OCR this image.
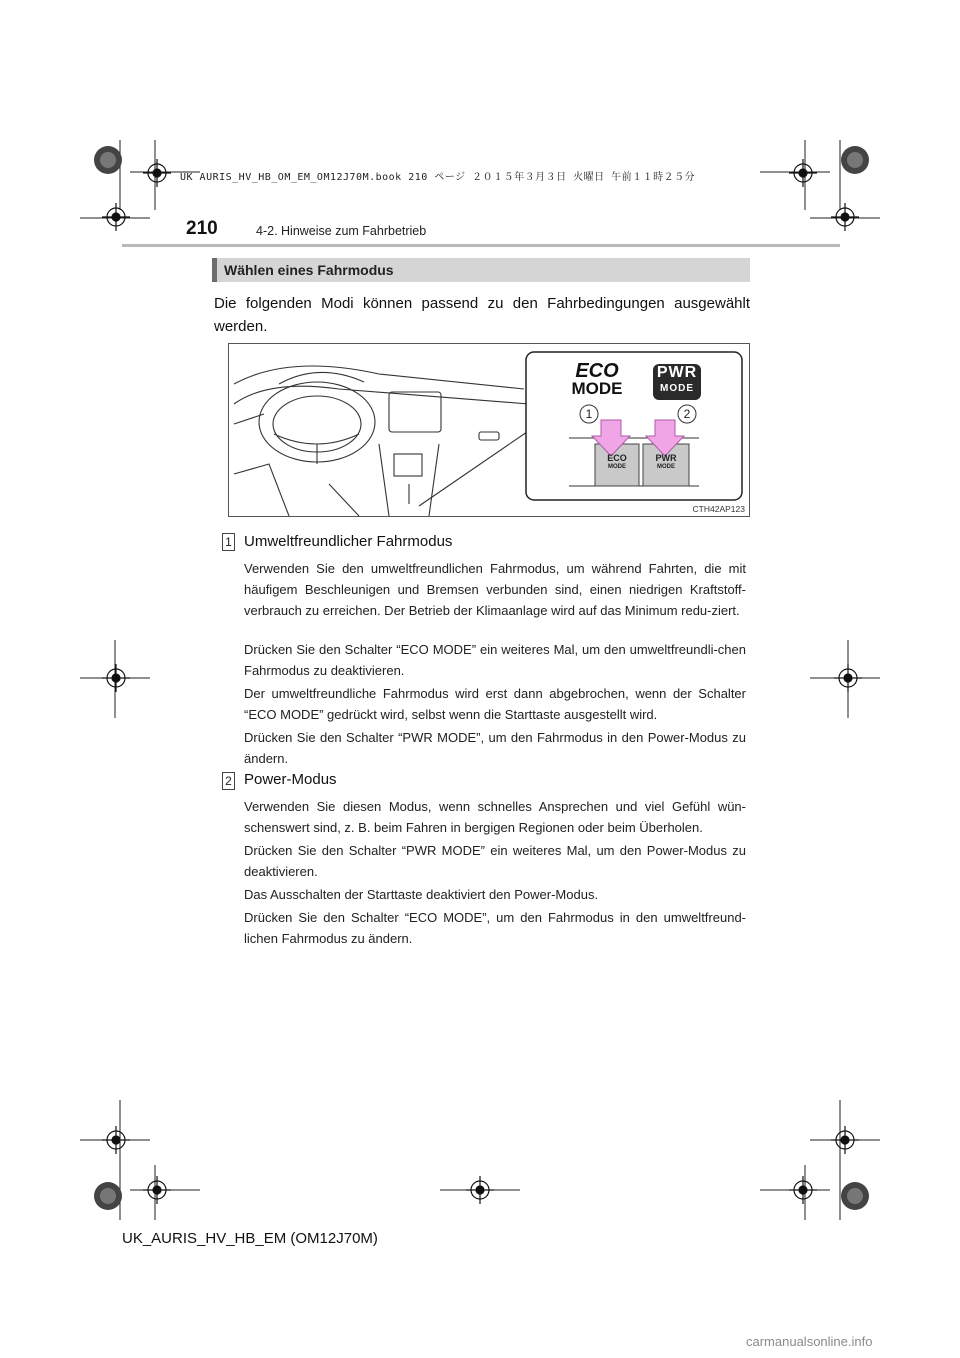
UK AURIS_HV_HB_OM_EM_OM12J70M.book 210 ページ ２０１５年３月３日 火曜日 午前１１時２５分
210	4-2. Hinweise zum Fahrbetrieb
Wählen eines Fahrmodus
Die folgenden Modi können passend zu den Fahrbedingungen ausgewählt werden.
ECO
MODE
PWR
MODE
1	2
ECO
MODE
PWR
MODE
CTH42AP123
1 Umweltfreundlicher Fahrmodus
Verwenden Sie den umweltfreundlichen Fahrmodus, um während Fahrten, die mit häufigem Beschleunigen und Bremsen verbunden sind, einen niedrigen Kraftstoff-verbrauch zu erreichen. Der Betrieb der Klimaanlage wird auf das Minimum redu-ziert.
Drücken Sie den Schalter “ECO MODE” ein weiteres Mal, um den umweltfreundli-chen Fahrmodus zu deaktivieren.
Der umweltfreundliche Fahrmodus wird erst dann abgebrochen, wenn der Schalter “ECO MODE” gedrückt wird, selbst wenn die Starttaste ausgestellt wird.
Drücken Sie den Schalter “PWR MODE”, um den Fahrmodus in den Power-Modus zu ändern.
2 Power-Modus
Verwenden Sie diesen Modus, wenn schnelles Ansprechen und viel Gefühl wün-schenswert sind, z. B. beim Fahren in bergigen Regionen oder beim Überholen.
Drücken Sie den Schalter “PWR MODE” ein weiteres Mal, um den Power-Modus zu deaktivieren.
Das Ausschalten der Starttaste deaktiviert den Power-Modus.
Drücken Sie den Schalter “ECO MODE”, um den Fahrmodus in den umweltfreund-lichen Fahrmodus zu ändern.
UK_AURIS_HV_HB_EM (OM12J70M)
carmanualsonline.info
